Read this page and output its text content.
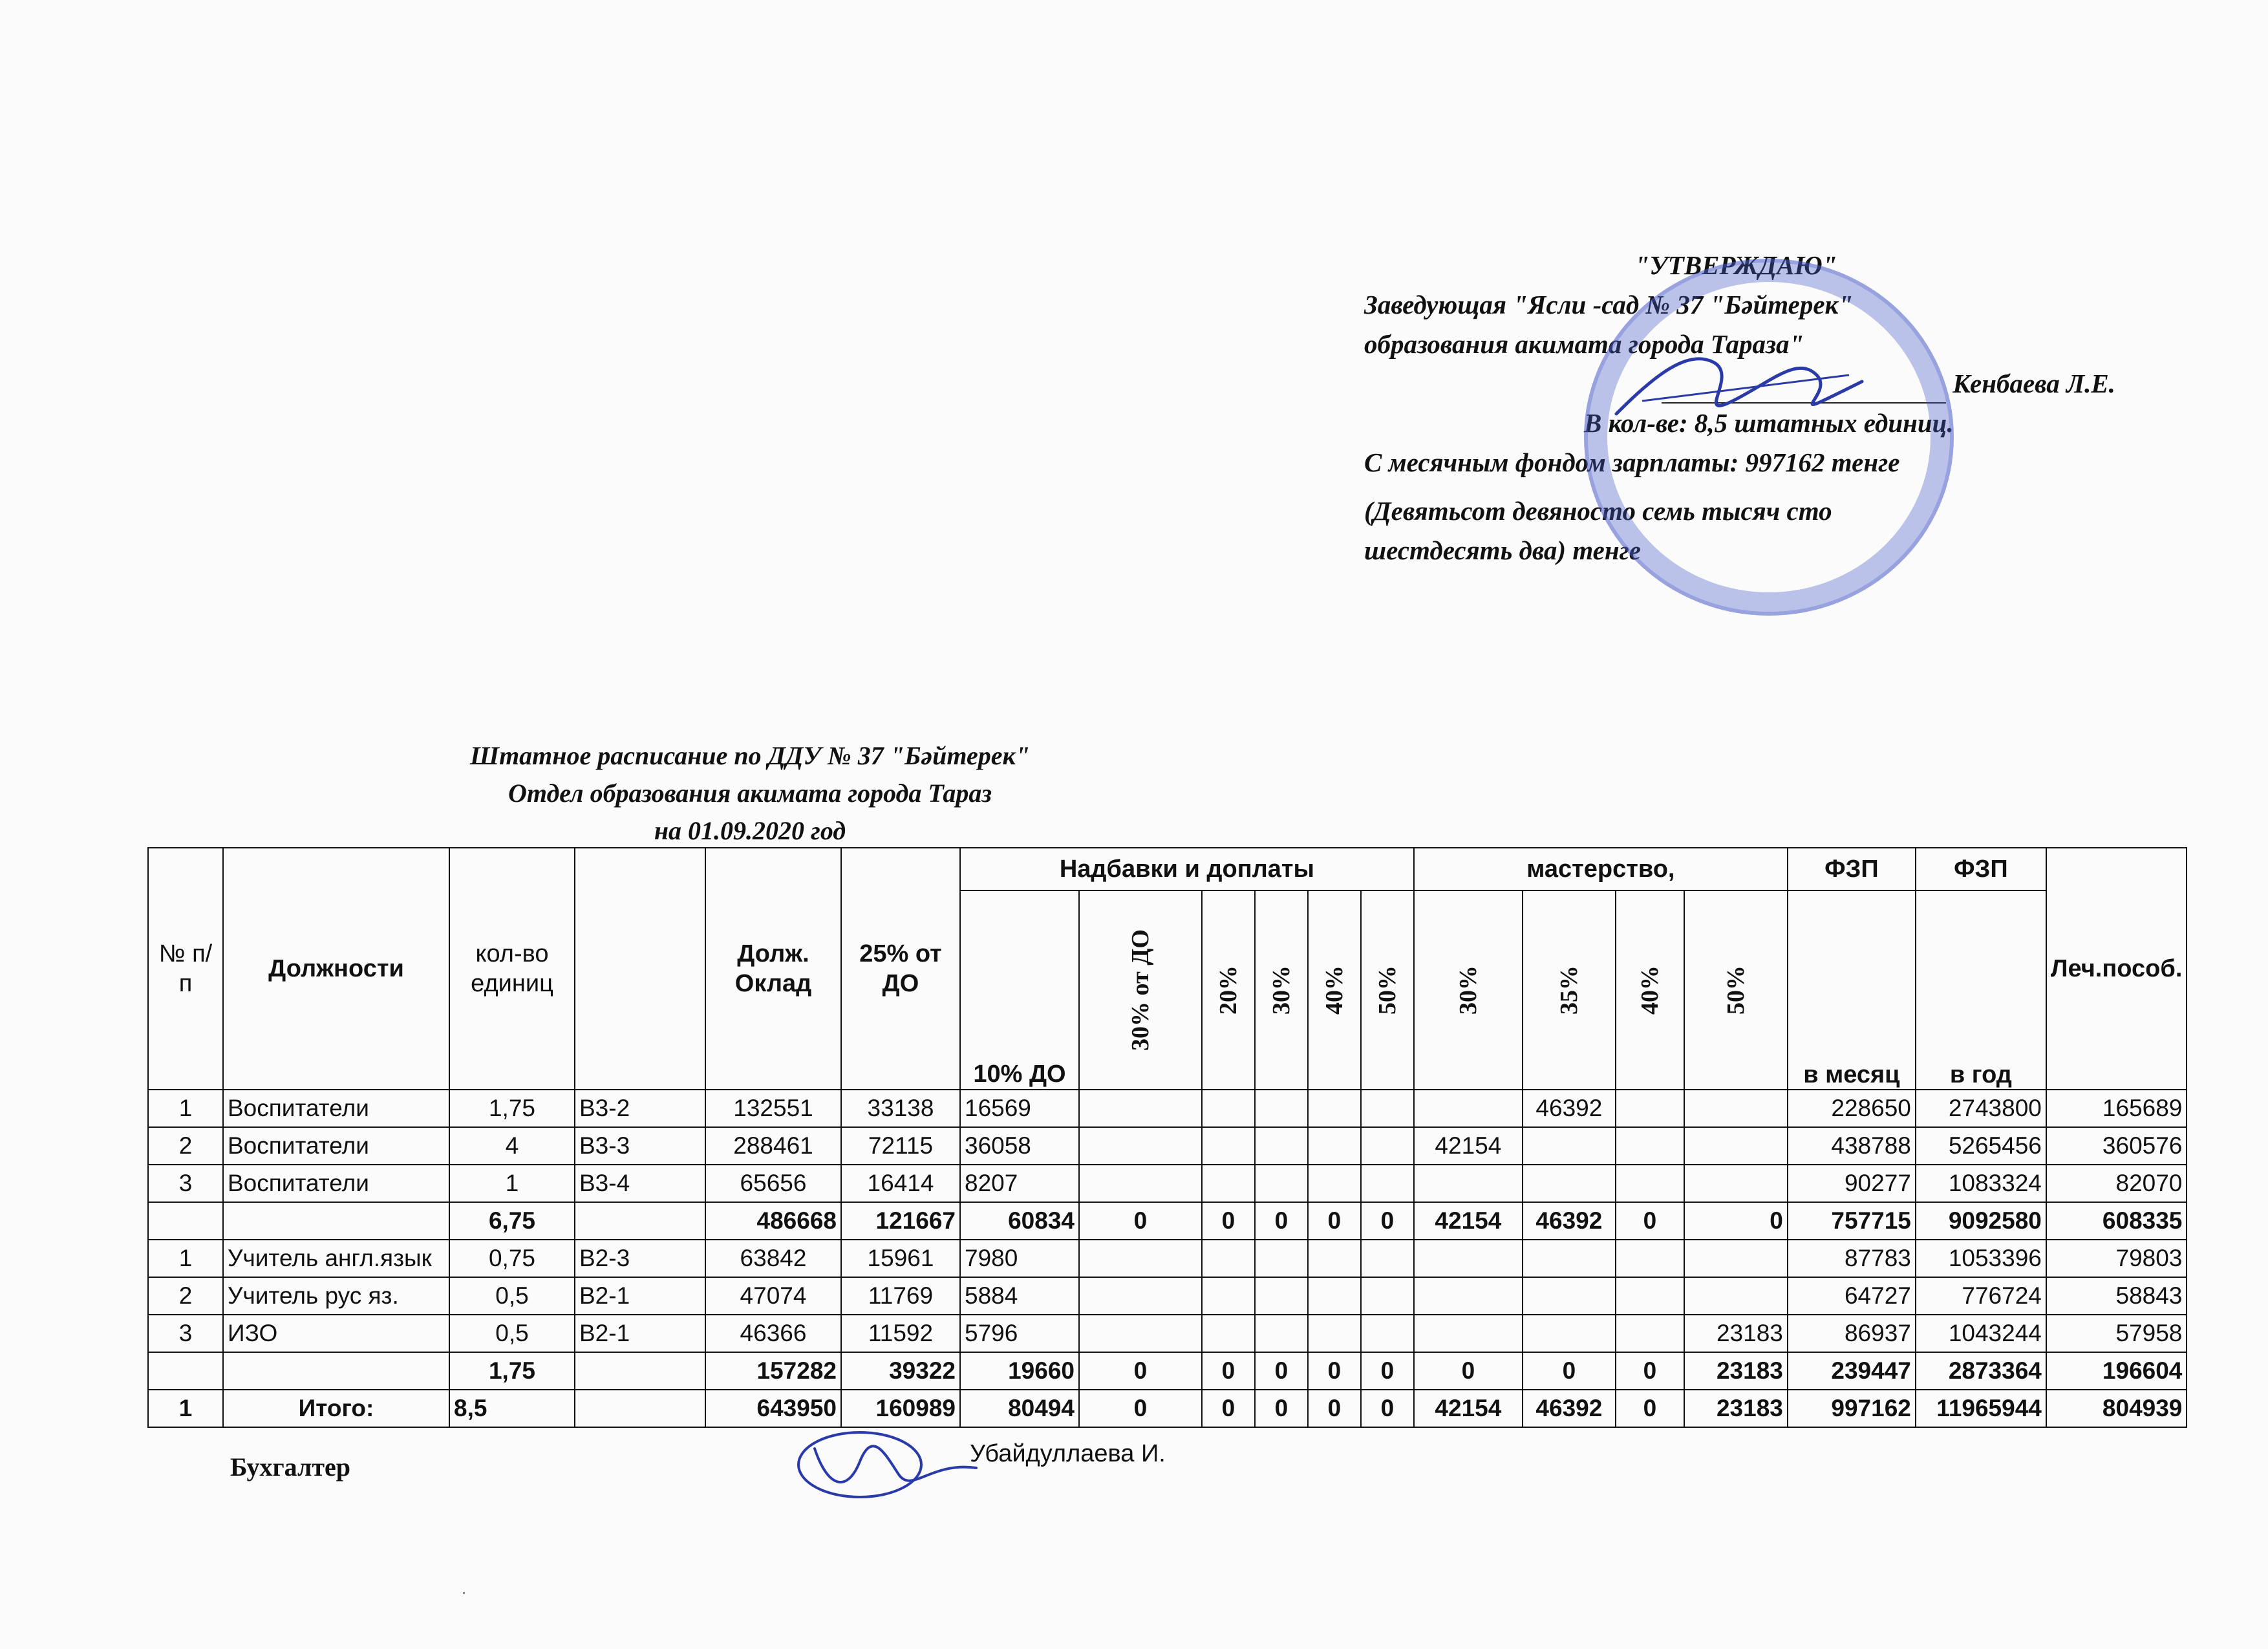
"УТВЕРЖДАЮ"
Заведующая "Ясли -сад № 37 "Бәйтерек"
образования акимата города Тараза"
Кенбаева Л.Е.
В кол-ве: 8,5 штатных единиц.
С месячным фондом зарплаты: 997162 тенге
(Девятьсот девяносто семь тысяч сто
шестдесять два) тенге
Штатное расписание по ДДУ № 37 "Бәйтерек"
Отдел образования акимата города Тараз
на 01.09.2020 год
№ п/п	Должности	кол-во единиц		Долж. Оклад	25% от ДО	Надбавки и доплаты						мастерство,				ФЗП	ФЗП	Леч.пособ.
						10% ДО	30% от ДО	20%	30%	40%	50%	30%	35%	40%	50%	в месяц	в год	
1	Воспитатели	1,75	В3-2	132551	33138	16569							46392			228650	2743800	165689
2	Воспитатели	4	В3-3	288461	72115	36058						42154				438788	5265456	360576
3	Воспитатели	1	В3-4	65656	16414	8207										90277	1083324	82070
		6,75		486668	121667	60834	0	0	0	0	0	42154	46392	0	0	757715	9092580	608335
1	Учитель англ.язык	0,75	В2-3	63842	15961	7980										87783	1053396	79803
2	Учитель рус яз.	0,5	В2-1	47074	11769	5884										64727	776724	58843
3	ИЗО	0,5	В2-1	46366	11592	5796									23183	86937	1043244	57958
		1,75		157282	39322	19660	0	0	0	0	0	0	0	0	23183	239447	2873364	196604
1	Итого:	8,5		643950	160989	80494	0	0	0	0	0	42154	46392	0	23183	997162	11965944	804939
Бухгалтер	Убайдуллаева И.
